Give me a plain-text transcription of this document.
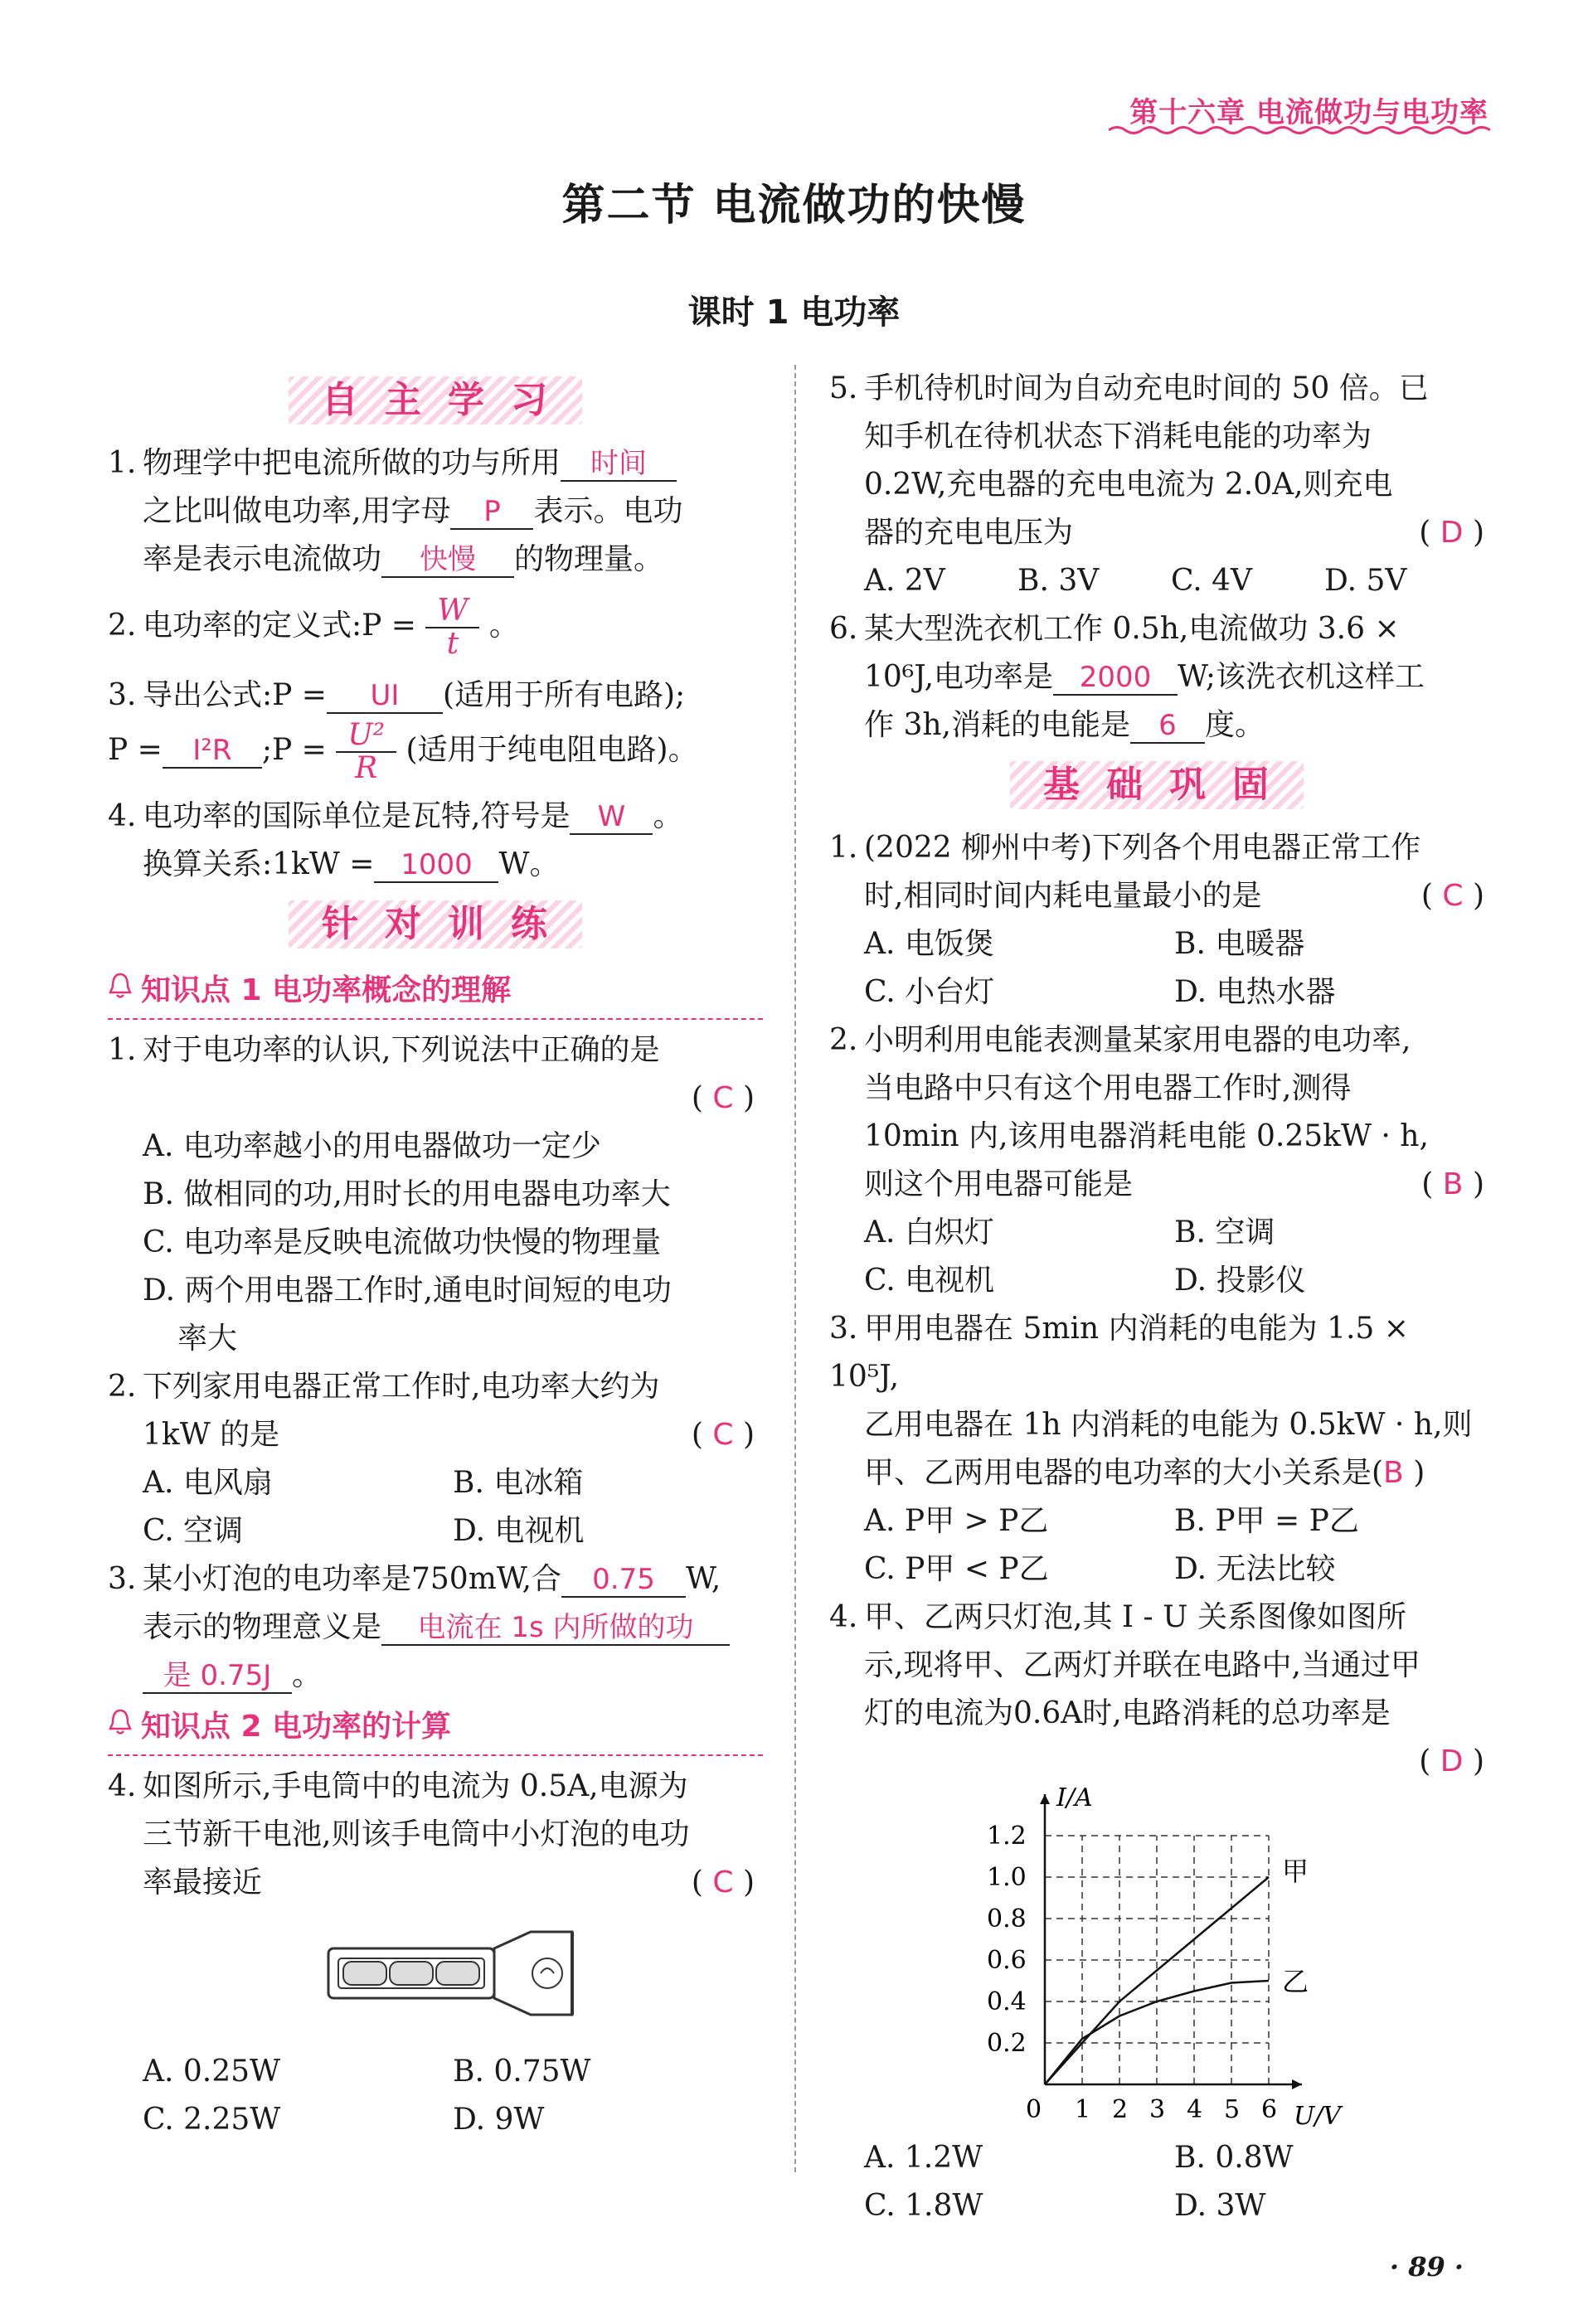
第十六章 电流做功与电功率
第二节 电流做功的快慢
课时 1 电功率
自主学习
1. 物理学中把电流所做的功与所用 时间
之比叫做电功率,用字母 P 表示。电功
率是表示电流做功 快慢 的物理量。
2. 电功率的定义式:P = $\frac{W}{t}$ 。
3. 导出公式:P = UI (适用于所有电路);
P = I²R ;P = $\frac{\text{U²}}{R}$ (适用于纯电阻电路)。
4. 电功率的国际单位是瓦特,符号是 W 。
换算关系:1kW = 1000 W。
针对训练
知识点 1 电功率概念的理解
1. 对于电功率的认识,下列说法中正确的是

( C )

A. 电功率越小的用电器做功一定少
B. 做相同的功,用时长的用电器电功率大
C. 电功率是反映电流做功快慢的物理量
D. 两个用电器工作时,通电时间短的电功
率大
2. 下列家用电器正常工作时,电功率大约为
1kW 的是	( C )
A. 电风扇	B. 电冰箱
C. 空调	D. 电视机
3. 某小灯泡的电功率是750mW,合 0.75 W,
表示的物理意义是 电流在 1s 内所做的功
是 0.75J 。
知识点 2 电功率的计算
4. 如图所示,手电筒中的电流为 0.5A,电源为
三节新干电池,则该手电筒中小灯泡的电功
率最接近	( C )
A. 0.25W	B. 0.75W
C. 2.25W	D. 9W
5. 手机待机时间为自动充电时间的 50 倍。已
知手机在待机状态下消耗电能的功率为
0.2W,充电器的充电电流为 2.0A,则充电
器的充电电压为	( D )
A. 2V	B. 3V	C. 4V	D. 5V
6. 某大型洗衣机工作 0.5h,电流做功 3.6 ×
10⁶J,电功率是 2000 W;该洗衣机这样工
作 3h,消耗的电能是 6 度。
基础巩固
1. (2022 柳州中考)下列各个用电器正常工作
时,相同时间内耗电量最小的是	( C )
A. 电饭煲	B. 电暖器
C. 小台灯	D. 电热水器
2. 小明利用电能表测量某家用电器的电功率,
当电路中只有这个用电器工作时,测得
10min 内,该用电器消耗电能 0.25kW · h,
则这个用电器可能是	( B )
A. 白炽灯	B. 空调
C. 电视机	D. 投影仪
3. 甲用电器在 5min 内消耗的电能为 1.5 × 10⁵J,
乙用电器在 1h 内消耗的电能为 0.5kW · h,则
甲、乙两用电器的电功率的大小关系是(B )
A. P甲 > P乙	B. P甲 = P乙
C. P甲 < P乙	D. 无法比较
4. 甲、乙两只灯泡,其 I - U 关系图像如图所
示,现将甲、乙两灯并联在电路中,当通过甲
灯的电流为0.6A时,电路消耗的总功率是

( D )

I/A
U/V
0 1 2 3 4 5 6
0.2
0.4
0.6
0.8
1.0
1.2
甲
乙
A. 1.2W	B. 0.8W
C. 1.8W	D. 3W
· 89 ·
